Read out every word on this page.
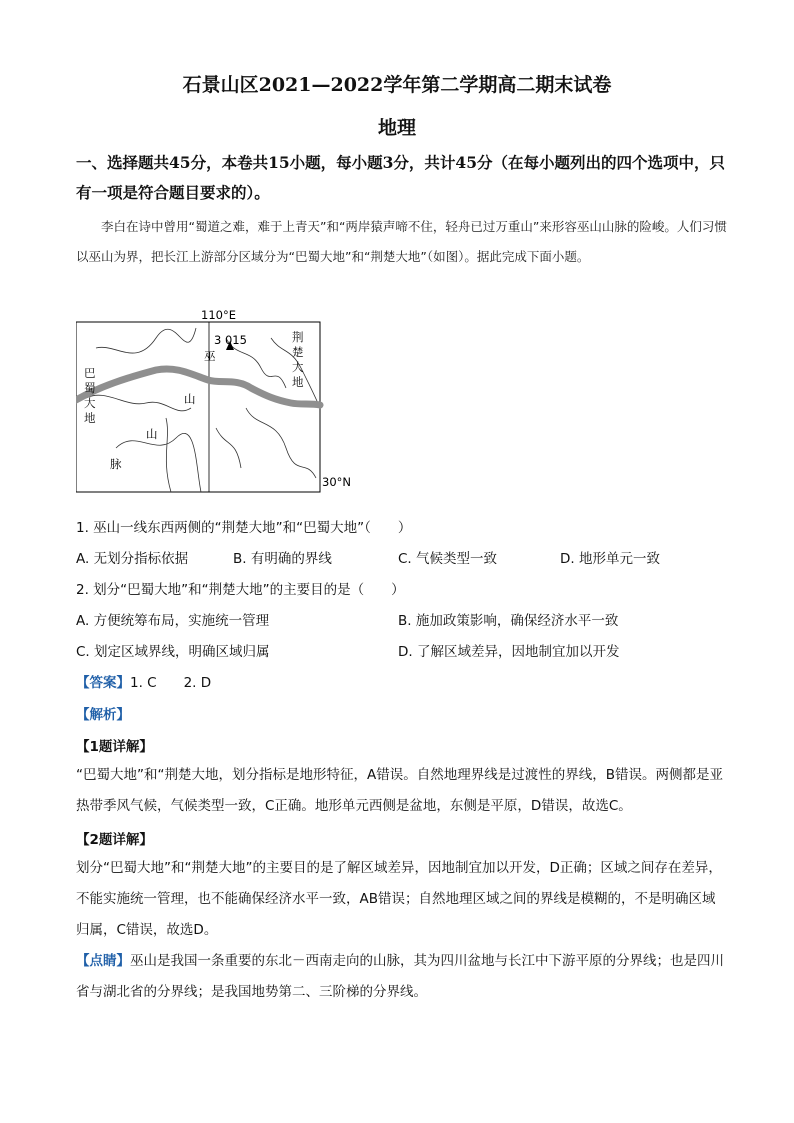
石景山区2021—2022学年第二学期高二期末试卷
地理
一、选择题共45分，本卷共15小题，每小题3分，共计45分（在每小题列出的四个选项中，只有一项是符合题目要求的）。
李白在诗中曾用“蜀道之难，难于上青天”和“两岸猿声啼不住，轻舟已过万重山”来形容巫山山脉的险峻。人们习惯以巫山为界，把长江上游部分区域分为“巴蜀大地”和“荆楚大地”（如图）。据此完成下面小题。
110°E
3 015
巫
山
山
脉
30°N
巴蜀大地
荆楚大地
1. 巫山一线东西两侧的“荆楚大地”和“巴蜀大地”（　　）
A. 无划分指标依据	B. 有明确的界线	C. 气候类型一致	D. 地形单元一致
2. 划分“巴蜀大地”和“荆楚大地”的主要目的是（　　）
A. 方便统筹布局，实施统一管理	B. 施加政策影响，确保经济水平一致
C. 划定区域界线，明确区域归属	D. 了解区域差异，因地制宜加以开发
【答案】1. C　　2. D
【解析】
【1题详解】
“巴蜀大地”和“荆楚大地，划分指标是地形特征，A错误。自然地理界线是过渡性的界线，B错误。两侧都是亚热带季风气候，气候类型一致，C正确。地形单元西侧是盆地，东侧是平原，D错误，故选C。
【2题详解】
划分“巴蜀大地”和“荆楚大地”的主要目的是了解区域差异，因地制宜加以开发，D正确；区域之间存在差异，不能实施统一管理，也不能确保经济水平一致，AB错误；自然地理区域之间的界线是模糊的，不是明确区域归属，C错误，故选D。
【点睛】巫山是我国一条重要的东北－西南走向的山脉，其为四川盆地与长江中下游平原的分界线；也是四川省与湖北省的分界线；是我国地势第二、三阶梯的分界线。
